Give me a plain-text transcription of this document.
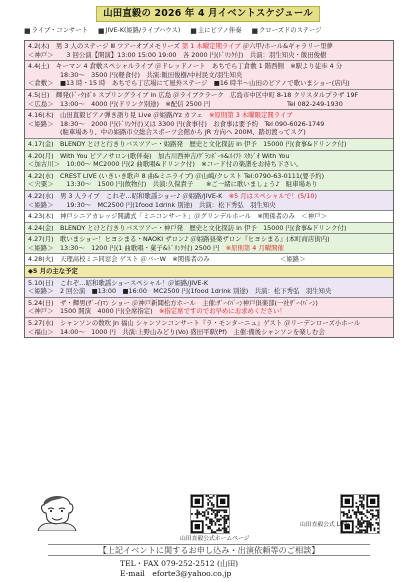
山田直毅の 2026 年 4 月イベントスケジュール
■ ライブ・コンサート ■ JIVE-K(姫路/ライブハウス) ■ 主にピアノ伴奏 ■ クローズドのステージ
4.2(木)　男 3 人のステージ Ⅲ ツアーオブメモリーズ 第 1 木曜定期ライブ ＠六甲/ホール&ギャラリー里夢
＜神戸＞　　3 回公演【開演】13:00 15:00 19:00　各 2000 円(ﾄﾞﾘﾝｸ付)　共演：羽生知央・飯田俊樹
4.4(土)　キーマン 4 倉敷スペシャルライブ ＠ドレッドノート　あちでら丁倉敷 1 階西側　※駅より徒歩 4 分
　　　　　18:30〜　3500 円(軽食付)　共演:飯田俊樹/中村民文/羽生知央
＜倉敷＞　■13 時・15 時　あちでら丁広場にて屋外ステージ　■16 時半〜山田のピアノで歌いまショー(店内)
4.5(日)　輝発(ﾄﾞｰｸ)ﾎﾞﾙ スプリングライブ in 広島 ＠ライブクラーク　広島市中区中町 8-18 クリスタルプラザ 19F
＜広島＞　13:00〜　4000 円(ドリンク別途)　※配信 2500 円　　　　　　　　　　　　Tel 082-249-1930
4.16(木)　山田直毅ピアノ弾き語り見 Live ＠姫路/Yz カフェ　※原則第 3 木曜限定開ライブ
＜姫路＞　18:30〜　2000 円(ﾄﾞﾘﾝｸ付)又は 3300 円(食事付)　お食事は要予約　Tel 090-6026-1749
　　　　　(駐車場あり、中の姫路市立総合スポーツ会館から JR 方向へ 200M、踏切渡ってスグ)
4.17(金)　BLENDY とけと行きりバスツアー・姫路発　歴史と文化探訪 in 伊予　15000 円(食事&ドリンク付)
4.20(月)　With You ピアノサロン(歌伴奏)　加古川西神吉/ｸﾞﾗﾝﾎﾞｰﾙ&ｽｲﾌﾄ ｽﾀｼﾞｵ With You
＜加古川＞　10:00〜 MC2000 円(2 曲歌唱&ドリンク付)　※コード付の楽譜をお持ち下さい。
4.22(水)　CREST LIVE (いきいき歌声 8 曲&ミニライブ) ＠山崎/クレスト Tel:0790-63-0111(要予約)
＜宍粟＞　　13:30〜　1500 円(飲物付)　共演:久保貴子　　※ご一緒に歌いましょう♪　駐車場あり
4.22(水)　男 3 人ライブ　これぞ…昭和歌謡ショー♪ ＠姫路/JIVE-K　※5 月はスペシャルで！(5/10)
＜姫路＞　　19:30〜　MC2500 円(1food 1drink 別途)　共演：松下秀弘　羽生知央
4.23(木)　神戸シニアカレッジ開講式「ミニコンサート」＠グリンデルホール　※関係者のみ　＜神戸＞
4.24(金)　BLENDY とけと行きりバスツアー・神戸発　歴史と文化探訪 in 伊予　15000 円(食事&ドリンク付)
4.27(月)　歌いまショー！ヒヨシまる・NAOKI ザロン♪ ＠姫路昼楽ザロン『ヒヨシまる』(本町商店街内)
＜姫路＞　13:30〜　1200 円(1 曲歌唱・菓子&ﾄﾞﾘﾝｸ付) 2500 円　※原則第 4 月曜開催
4.28(火)　天理高校ミニ同窓会 ゲスト ＠バーW　※関係者のみ　　　　　　　　　　　＜姫路＞
◆5 月の主な予定
5.10(日)　これぞ…昭和歌謡ショースペシャル！＠姫路/JIVE-K
＜姫路＞　2 回公演　■13:00　■16:00　MC2500 円(1food 1drink 別途)　共演：松下秀弘　羽生知央
5.24(日)　ザ・輝男(ｻﾞ-ｲ)ﾏﾝ ショー ＠神戸新聞松方ホール　主催:ｻﾞｰｲﾊﾞｰﾝ神戸倶楽部(一社ｻﾞｰｲﾊﾞｰﾝ)
＜神戸＞　1500 開演　4000 円(全席指定)　※指定席ですのでお早めにお求めください！
5.27(水)　シャンソンの数吹 Jn 福山 シャンソンコンサート『ラ・モンターニュ』ゲスト ＠リーデンローズ小ホール
＜福山＞　14:00〜　1000 円　共演:上野山みどり(Vo) 盛田平駅(Pf)　主催:備後シャンソンを楽しむ会
山田直毅公式ホームページ
山田直毅公式 LINE
【上記イベントに関するお申し込み・出演依頼等のご相談】
TEL・FAX 079-252-2512 (山田)
E-mail　eforte3@yahoo.co.jp
